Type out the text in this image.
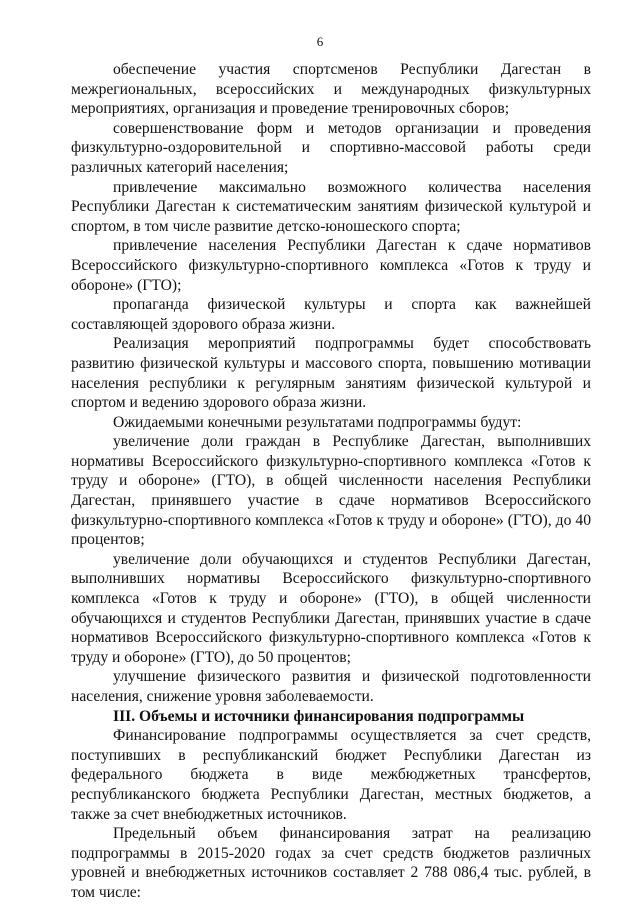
6

обеспечение участия спортсменов Республики Дагестан в межрегиональных, всероссийских и международных физкультурных мероприятиях, организация и проведение тренировочных сборов;

совершенствование форм и методов организации и проведения физкультурно-оздоровительной и спортивно-массовой работы среди различных категорий населения;

привлечение максимально возможного количества населения Республики Дагестан к систематическим занятиям физической культурой и спортом, в том числе развитие детско-юношеского спорта;

привлечение населения Республики Дагестан к сдаче нормативов Всероссийского физкультурно-спортивного комплекса «Готов к труду и обороне» (ГТО);

пропаганда физической культуры и спорта как важнейшей составляющей здорового образа жизни.

Реализация мероприятий подпрограммы будет способствовать развитию физической культуры и массового спорта, повышению мотивации населения республики к регулярным занятиям физической культурой и спортом и ведению здорового образа жизни.

Ожидаемыми конечными результатами подпрограммы будут:

увеличение доли граждан в Республике Дагестан, выполнивших нормативы Всероссийского физкультурно-спортивного комплекса «Готов к труду и обороне» (ГТО), в общей численности населения Республики Дагестан, принявшего участие в сдаче нормативов Всероссийского физкультурно-спортивного комплекса «Готов к труду и обороне» (ГТО), до 40 процентов;

увеличение доли обучающихся и студентов Республики Дагестан, выполнивших нормативы Всероссийского физкультурно-спортивного комплекса «Готов к труду и обороне» (ГТО), в общей численности обучающихся и студентов Республики Дагестан, принявших участие в сдаче нормативов Всероссийского физкультурно-спортивного комплекса «Готов к труду и обороне» (ГТО), до 50 процентов;

улучшение физического развития и физической подготовленности населения, снижение уровня заболеваемости.

III. Объемы и источники финансирования подпрограммы

Финансирование подпрограммы осуществляется за счет средств, поступивших в республиканский бюджет Республики Дагестан из федерального бюджета в виде межбюджетных трансфертов, республиканского бюджета Республики Дагестан, местных бюджетов, а также за счет внебюджетных источников.

Предельный объем финансирования затрат на реализацию подпрограммы в 2015-2020 годах за счет средств бюджетов различных уровней и внебюджетных источников составляет 2 788 086,4 тыс. рублей, в том числе:
